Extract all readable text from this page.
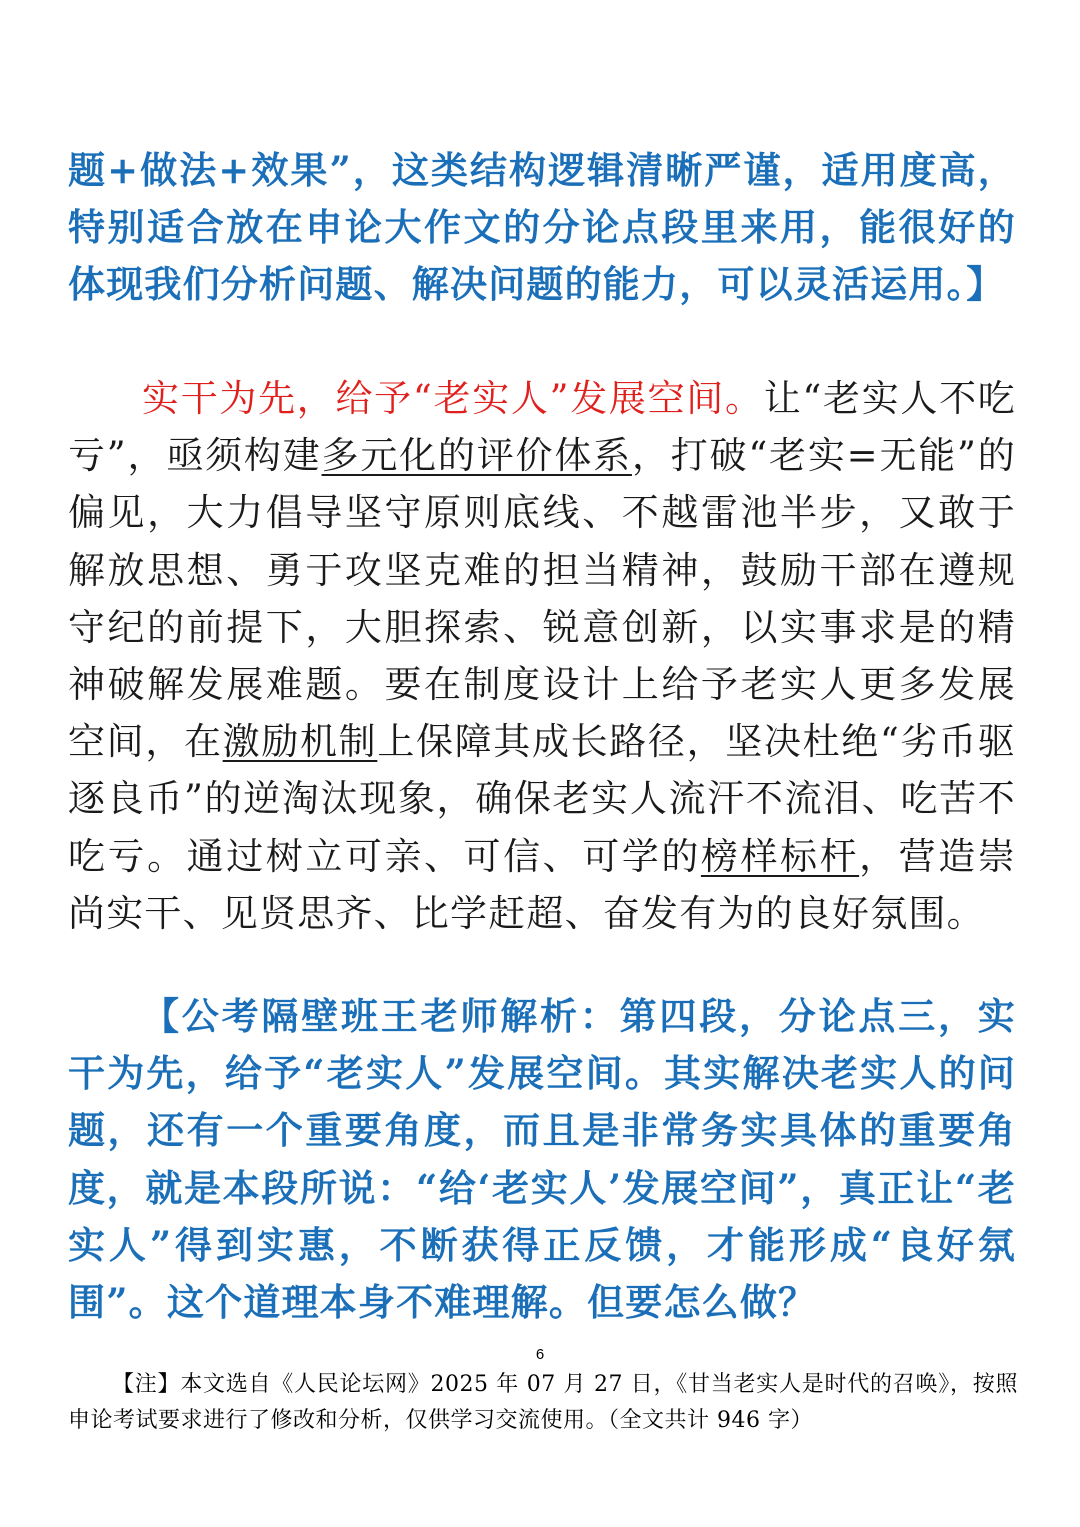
题+做法+效果”，这类结构逻辑清晰严谨，适用度高，特别适合放在申论大作文的分论点段里来用，能很好的体现我们分析问题、解决问题的能力，可以灵活运用。】

实干为先，给予“老实人”发展空间。让“老实人不吃亏”，亟须构建多元化的评价体系，打破“老实=无能”的偏见，大力倡导坚守原则底线、不越雷池半步，又敢于解放思想、勇于攻坚克难的担当精神，鼓励干部在遵规守纪的前提下，大胆探索、锐意创新，以实事求是的精神破解发展难题。要在制度设计上给予老实人更多发展空间，在激励机制上保障其成长路径，坚决杜绝“劣币驱逐良币”的逆淘汰现象，确保老实人流汗不流泪、吃苦不吃亏。通过树立可亲、可信、可学的榜样标杆，营造崇尚实干、见贤思齐、比学赶超、奋发有为的良好氛围。

【公考隔壁班王老师解析：第四段，分论点三，实干为先，给予“老实人”发展空间。其实解决老实人的问题，还有一个重要角度，而且是非常务实具体的重要角度，就是本段所说：“给‘老实人’发展空间”，真正让“老实人”得到实惠，不断获得正反馈，才能形成“良好氛围”。这个道理本身不难理解。但要怎么做？

6

【注】本文选自《人民论坛网》2025 年 07 月 27 日，《甘当老实人是时代的召唤》，按照申论考试要求进行了修改和分析，仅供学习交流使用。（全文共计 946 字）
